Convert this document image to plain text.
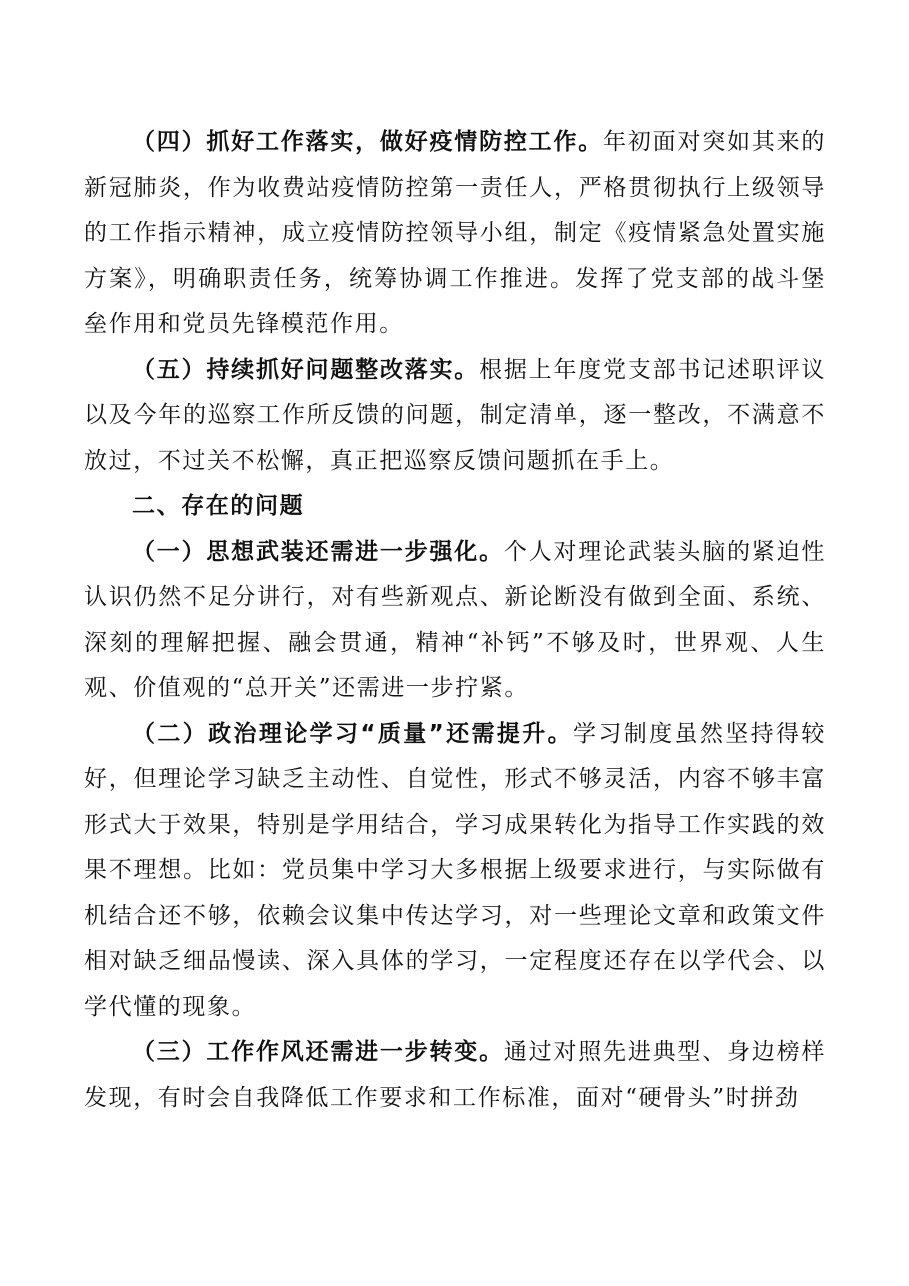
（四）抓好工作落实，做好疫情防控工作。年初面对突如其来的新冠肺炎，作为收费站疫情防控第一责任人，严格贯彻执行上级领导的工作指示精神，成立疫情防控领导小组，制定《疫情紧急处置实施方案》，明确职责任务，统筹协调工作推进。发挥了党支部的战斗堡垒作用和党员先锋模范作用。

（五）持续抓好问题整改落实。根据上年度党支部书记述职评议以及今年的巡察工作所反馈的问题，制定清单，逐一整改，不满意不放过，不过关不松懈，真正把巡察反馈问题抓在手上。

二、存在的问题

（一）思想武装还需进一步强化。个人对理论武装头脑的紧迫性认识仍然不足分讲行，对有些新观点、新论断没有做到全面、系统、深刻的理解把握、融会贯通，精神“补钙”不够及时，世界观、人生观、价值观的“总开关”还需进一步拧紧。

（二）政治理论学习“质量”还需提升。学习制度虽然坚持得较好，但理论学习缺乏主动性、自觉性，形式不够灵活，内容不够丰富形式大于效果，特别是学用结合，学习成果转化为指导工作实践的效果不理想。比如：党员集中学习大多根据上级要求进行，与实际做有机结合还不够，依赖会议集中传达学习，对一些理论文章和政策文件相对缺乏细品慢读、深入具体的学习，一定程度还存在以学代会、以学代懂的现象。

（三）工作作风还需进一步转变。通过对照先进典型、身边榜样发现，有时会自我降低工作要求和工作标准，面对“硬骨头”时拼劲
